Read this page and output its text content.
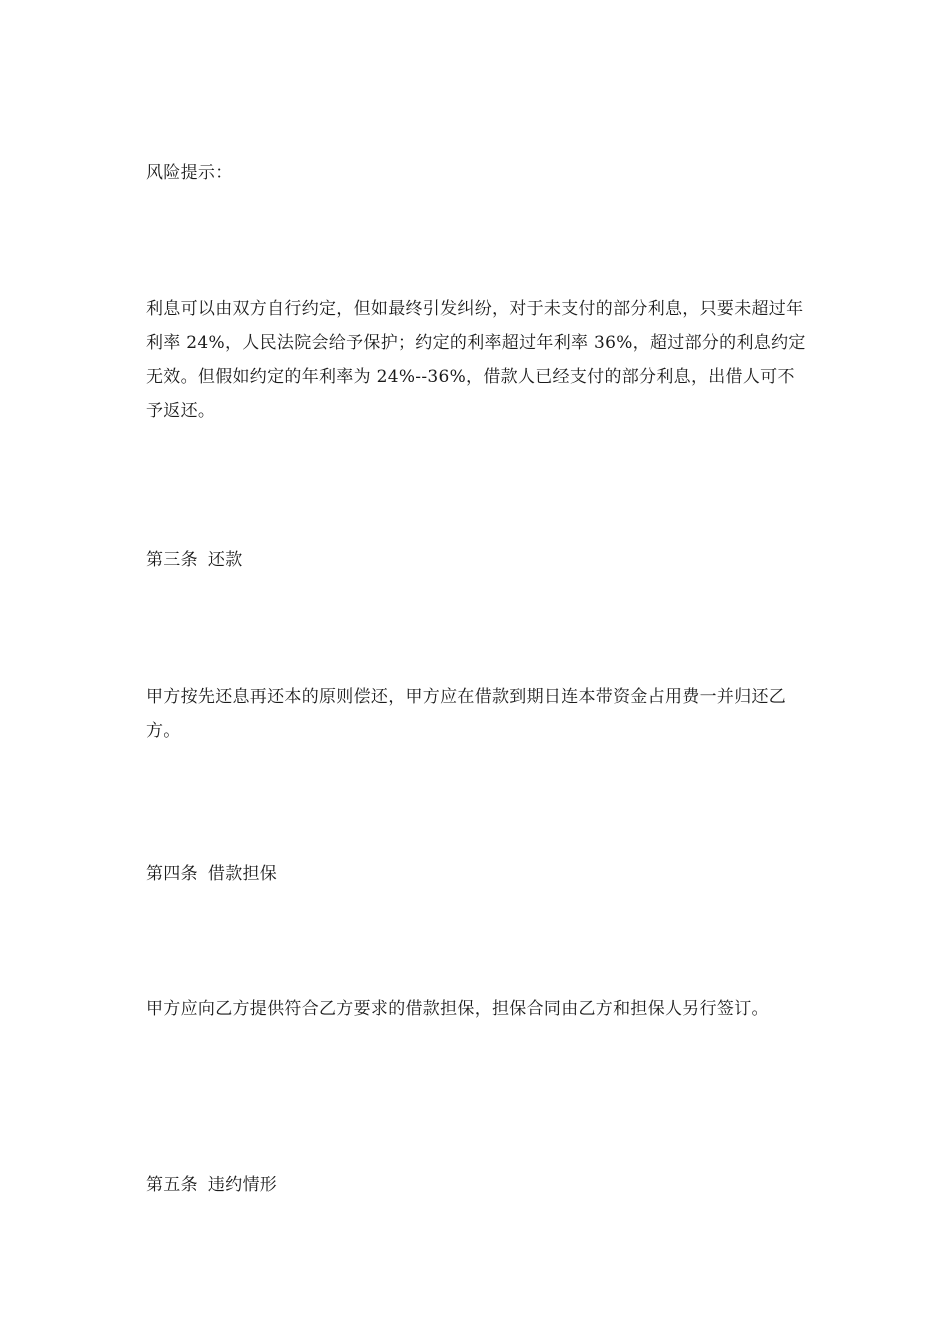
风险提示：

利息可以由双方自行约定，但如最终引发纠纷，对于未支付的部分利息，只要未超过年利率 24%，人民法院会给予保护；约定的利率超过年利率 36%，超过部分的利息约定无效。但假如约定的年利率为 24%--36%，借款人已经支付的部分利息，出借人可不予返还。

第三条 还款

甲方按先还息再还本的原则偿还，甲方应在借款到期日连本带资金占用费一并归还乙方。

第四条 借款担保

甲方应向乙方提供符合乙方要求的借款担保，担保合同由乙方和担保人另行签订。

第五条 违约情形
